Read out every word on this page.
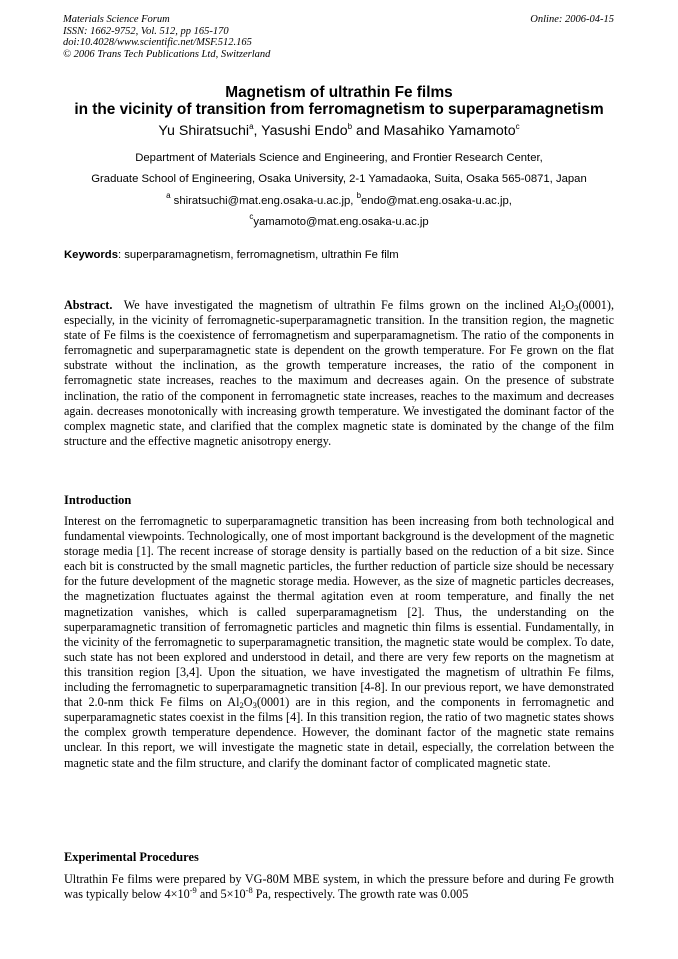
Materials Science Forum
ISSN: 1662-9752, Vol. 512, pp 165-170
doi:10.4028/www.scientific.net/MSF.512.165
© 2006 Trans Tech Publications Ltd, Switzerland
Online: 2006-04-15
Magnetism of ultrathin Fe films
in the vicinity of transition from ferromagnetism to superparamagnetism
Yu Shiratsuchi$^a$, Yasushi Endo$^b$ and Masahiko Yamamoto$^c$
Department of Materials Science and Engineering, and Frontier Research Center,
Graduate School of Engineering, Osaka University, 2-1 Yamadaoka, Suita, Osaka 565-0871, Japan
$^a$ shiratsuchi@mat.eng.osaka-u.ac.jp, $^b$endo@mat.eng.osaka-u.ac.jp,
$^c$yamamoto@mat.eng.osaka-u.ac.jp
Keywords: superparamagnetism, ferromagnetism, ultrathin Fe film
Abstract. We have investigated the magnetism of ultrathin Fe films grown on the inclined $Al_2O_3(0001)$, especially, in the vicinity of ferromagnetic-superparamagnetic transition. In the transition region, the magnetic state of Fe films is the coexistence of ferromagnetism and superparamagnetism. The ratio of the components in ferromagnetic and superparamagnetic state is dependent on the growth temperature. For Fe grown on the flat substrate without the inclination, as the growth temperature increases, the ratio of the component in ferromagnetic state increases, reaches to the maximum and decreases again. On the presence of substrate inclination, the ratio of the component in ferromagnetic state increases, reaches to the maximum and decreases again. decreases monotonically with increasing growth temperature. We investigated the dominant factor of the complex magnetic state, and clarified that the complex magnetic state is dominated by the change of the film structure and the effective magnetic anisotropy energy.
Introduction
Interest on the ferromagnetic to superparamagnetic transition has been increasing from both technological and fundamental viewpoints. Technologically, one of most important background is the development of the magnetic storage media [1]. The recent increase of storage density is partially based on the reduction of a bit size. Since each bit is constructed by the small magnetic particles, the further reduction of particle size should be necessary for the future development of the magnetic storage media. However, as the size of magnetic particles decreases, the magnetization fluctuates against the thermal agitation even at room temperature, and finally the net magnetization vanishes, which is called superparamagnetism [2]. Thus, the understanding on the superparamagnetic transition of ferromagnetic particles and magnetic thin films is essential. Fundamentally, in the vicinity of the ferromagnetic to superparamagnetic transition, the magnetic state would be complex. To date, such state has not been explored and understood in detail, and there are very few reports on the magnetism at this transition region [3,4]. Upon the situation, we have investigated the magnetism of ultrathin Fe films, including the ferromagnetic to superparamagnetic transition [4-8]. In our previous report, we have demonstrated that 2.0-nm thick Fe films on $Al_2O_3(0001)$ are in this region, and the components in ferromagnetic and superparamagnetic states coexist in the films [4]. In this transition region, the ratio of two magnetic states shows the complex growth temperature dependence. However, the dominant factor of the magnetic state remains unclear. In this report, we will investigate the magnetic state in detail, especially, the correlation between the magnetic state and the film structure, and clarify the dominant factor of complicated magnetic state.
Experimental Procedures
Ultrathin Fe films were prepared by VG-80M MBE system, in which the pressure before and during Fe growth was typically below $4\times 10^{-9}$ and $5\times 10^{-8}$ Pa, respectively. The growth rate was 0.005
